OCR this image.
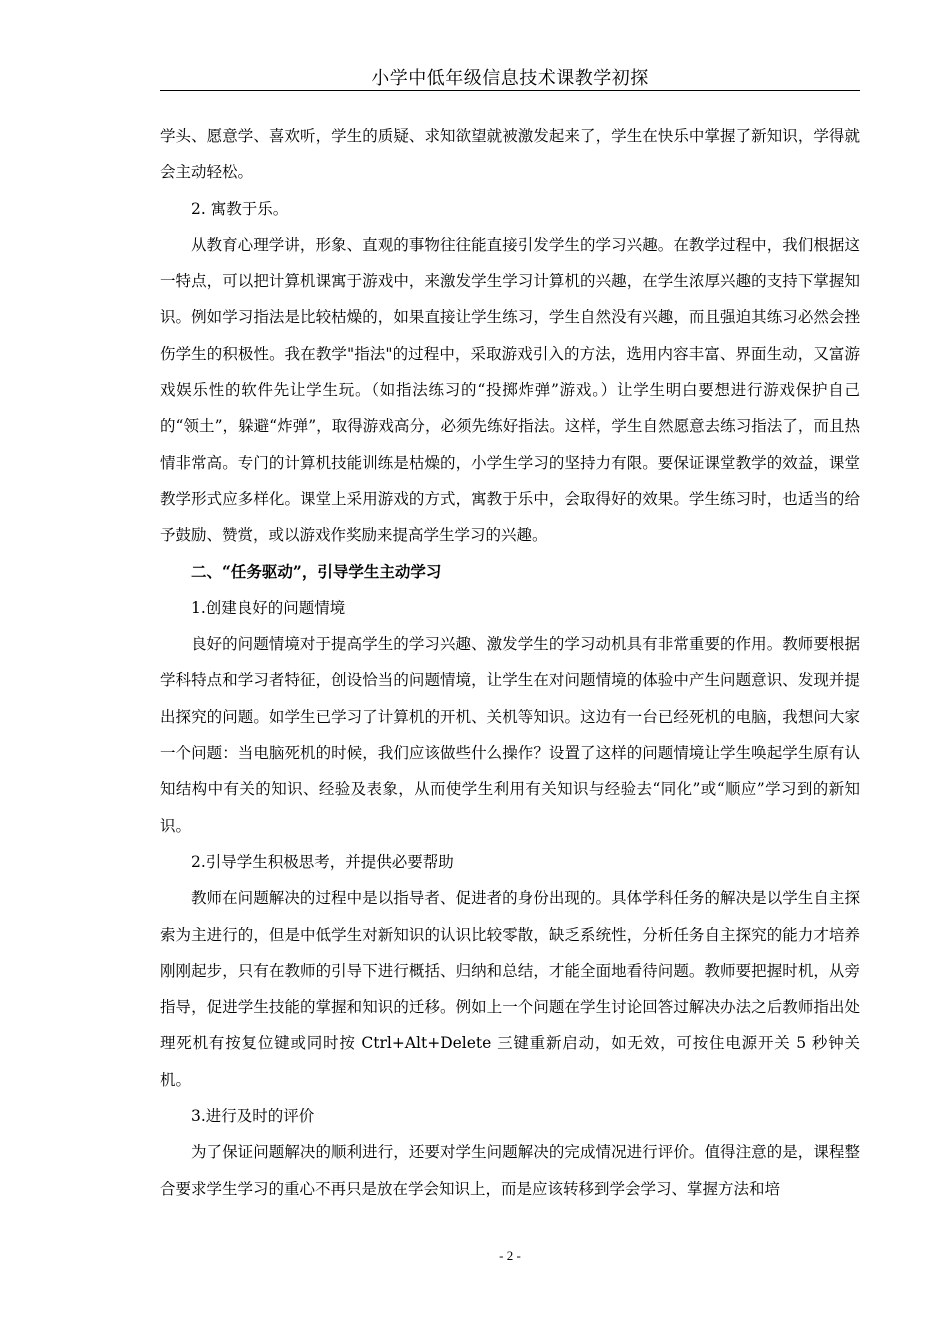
小学中低年级信息技术课教学初探

学头、愿意学、喜欢听，学生的质疑、求知欲望就被激发起来了，学生在快乐中掌握了新知识，学得就会主动轻松。

2. 寓教于乐。

从教育心理学讲，形象、直观的事物往往能直接引发学生的学习兴趣。在教学过程中，我们根据这一特点，可以把计算机课寓于游戏中，来激发学生学习计算机的兴趣，在学生浓厚兴趣的支持下掌握知识。例如学习指法是比较枯燥的，如果直接让学生练习，学生自然没有兴趣，而且强迫其练习必然会挫伤学生的积极性。我在教学"指法"的过程中，采取游戏引入的方法，选用内容丰富、界面生动，又富游戏娱乐性的软件先让学生玩。（如指法练习的“投掷炸弹”游戏。）让学生明白要想进行游戏保护自己的“领土”，躲避“炸弹”，取得游戏高分，必须先练好指法。这样，学生自然愿意去练习指法了，而且热情非常高。专门的计算机技能训练是枯燥的，小学生学习的坚持力有限。要保证课堂教学的效益，课堂教学形式应多样化。课堂上采用游戏的方式，寓教于乐中，会取得好的效果。学生练习时，也适当的给予鼓励、赞赏，或以游戏作奖励来提高学生学习的兴趣。

二、“任务驱动”，引导学生主动学习

1.创建良好的问题情境

良好的问题情境对于提高学生的学习兴趣、激发学生的学习动机具有非常重要的作用。教师要根据学科特点和学习者特征，创设恰当的问题情境，让学生在对问题情境的体验中产生问题意识、发现并提出探究的问题。如学生已学习了计算机的开机、关机等知识。这边有一台已经死机的电脑，我想问大家一个问题：当电脑死机的时候，我们应该做些什么操作？设置了这样的问题情境让学生唤起学生原有认知结构中有关的知识、经验及表象，从而使学生利用有关知识与经验去“同化”或“顺应”学习到的新知识。

2.引导学生积极思考，并提供必要帮助

教师在问题解决的过程中是以指导者、促进者的身份出现的。具体学科任务的解决是以学生自主探索为主进行的，但是中低学生对新知识的认识比较零散，缺乏系统性，分析任务自主探究的能力才培养刚刚起步，只有在教师的引导下进行概括、归纳和总结，才能全面地看待问题。教师要把握时机，从旁指导，促进学生技能的掌握和知识的迁移。例如上一个问题在学生讨论回答过解决办法之后教师指出处理死机有按复位键或同时按 Ctrl+Alt+Delete 三键重新启动，如无效，可按住电源开关 5 秒钟关机。

3.进行及时的评价

为了保证问题解决的顺利进行，还要对学生问题解决的完成情况进行评价。值得注意的是，课程整合要求学生学习的重心不再只是放在学会知识上，而是应该转移到学会学习、掌握方法和培

- 2 -
